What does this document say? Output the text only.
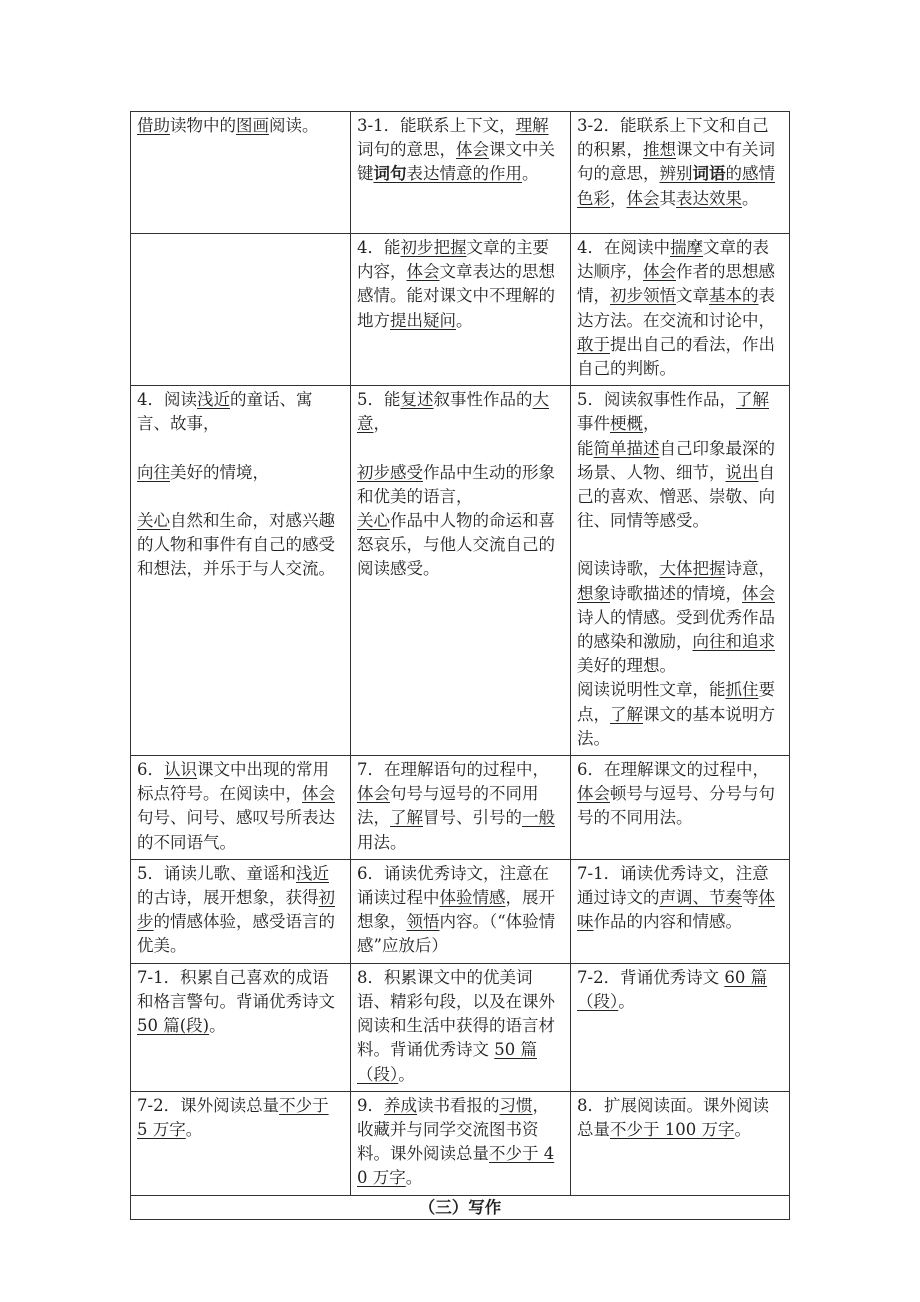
借助读物中的图画阅读。	3-1．能联系上下文，理解词句的意思，体会课文中关键词句表达情意的作用。	3-2．能联系上下文和自己的积累，推想课文中有关词句的意思，辨别词语的感情色彩，体会其表达效果。

	4．能初步把握文章的主要内容，体会文章表达的思想感情。能对课文中不理解的地方提出疑问。	4．在阅读中揣摩文章的表达顺序，体会作者的思想感情，初步领悟文章基本的表达方法。在交流和讨论中，敢于提出自己的看法，作出自己的判断。

4．阅读浅近的童话、寓言、故事，
向往美好的情境，
关心自然和生命，对感兴趣的人物和事件有自己的感受和想法，并乐于与人交流。	5．能复述叙事性作品的大意，
初步感受作品中生动的形象和优美的语言，
关心作品中人物的命运和喜怒哀乐，与他人交流自己的阅读感受。	5．阅读叙事性作品，了解事件梗概，
能简单描述自己印象最深的场景、人物、细节，说出自己的喜欢、憎恶、崇敬、向往、同情等感受。
阅读诗歌，大体把握诗意，想象诗歌描述的情境，体会诗人的情感。受到优秀作品的感染和激励，向往和追求美好的理想。
阅读说明性文章，能抓住要点，了解课文的基本说明方法。

6．认识课文中出现的常用标点符号。在阅读中，体会句号、问号、感叹号所表达的不同语气。	7．在理解语句的过程中，体会句号与逗号的不同用法，了解冒号、引号的一般用法。	6．在理解课文的过程中，体会顿号与逗号、分号与句号的不同用法。

5．诵读儿歌、童谣和浅近的古诗，展开想象，获得初步的情感体验，感受语言的优美。	6．诵读优秀诗文，注意在诵读过程中体验情感，展开想象，领悟内容。（“体验情感”应放后）	7-1．诵读优秀诗文，注意通过诗文的声调、节奏等体味作品的内容和情感。

7-1．积累自己喜欢的成语和格言警句。背诵优秀诗文 50 篇(段)。	8．积累课文中的优美词语、精彩句段，以及在课外阅读和生活中获得的语言材料。背诵优秀诗文 50 篇（段）。	7-2．背诵优秀诗文 60 篇（段）。

7-2．课外阅读总量不少于 5 万字。	9．养成读书看报的习惯，收藏并与同学交流图书资料。课外阅读总量不少于 40 万字。	8．扩展阅读面。课外阅读总量不少于 100 万字。

（三）写作		
